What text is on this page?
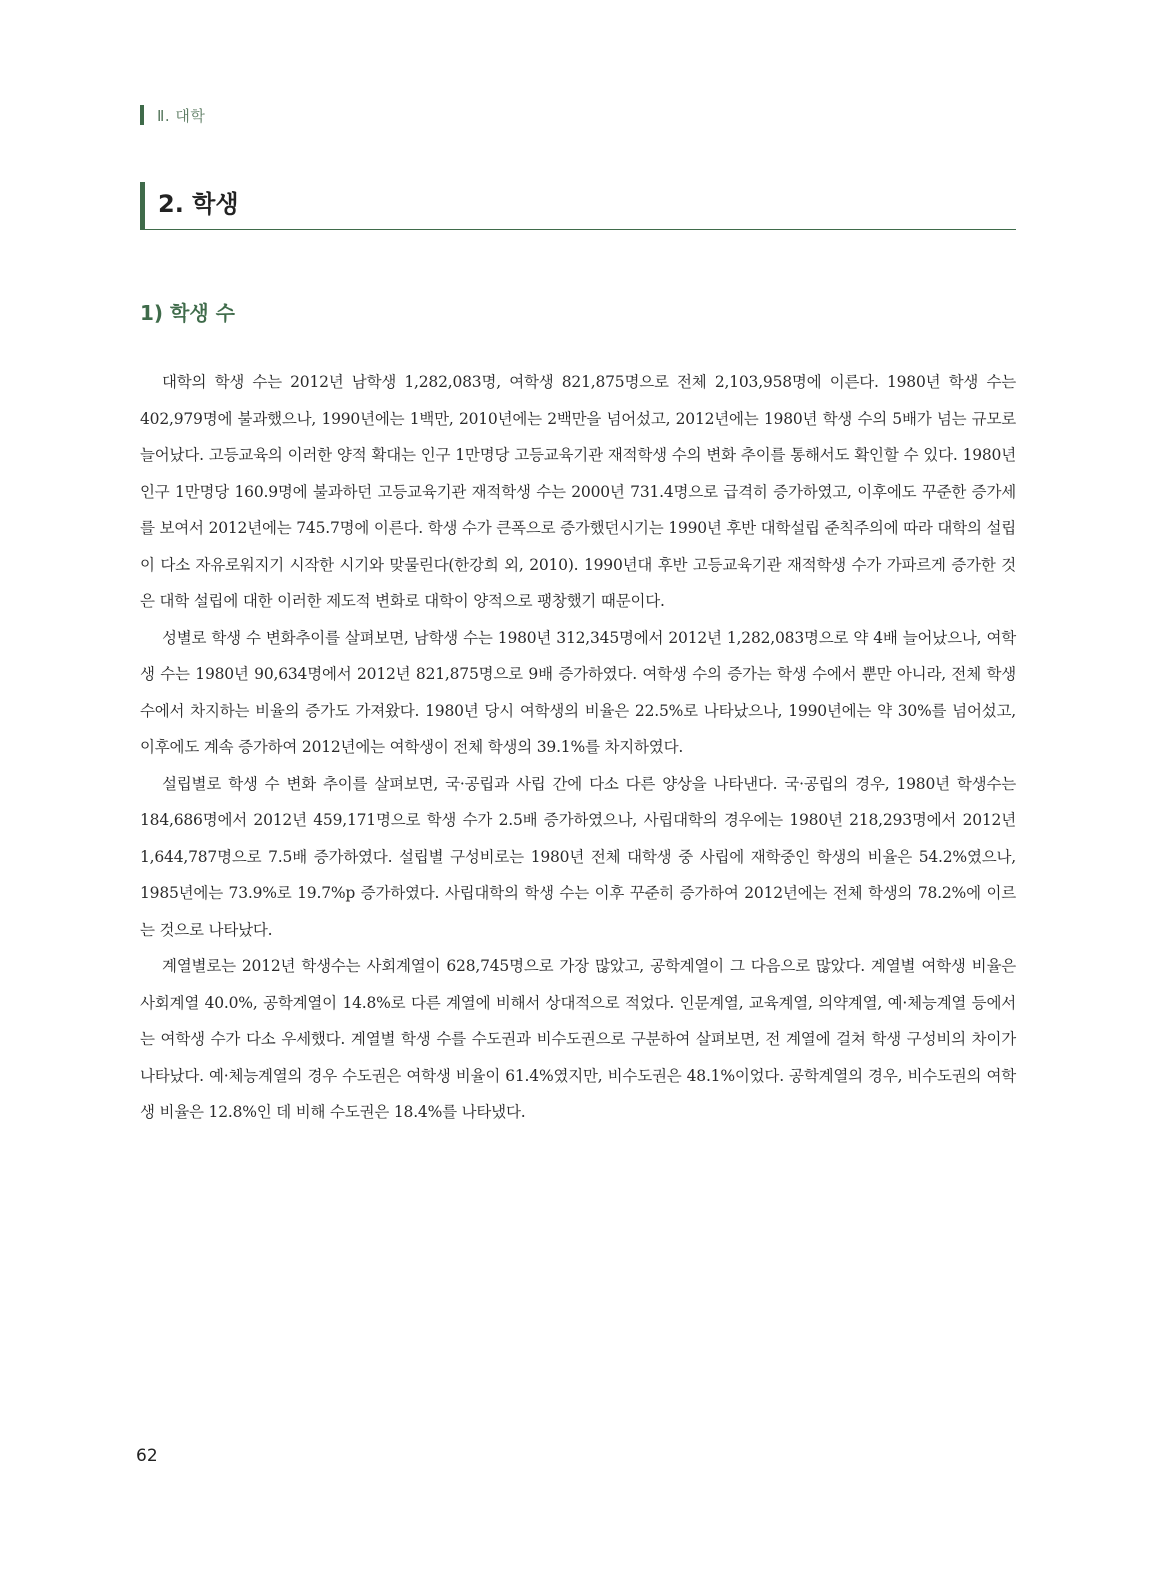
Ⅱ. 대학
2. 학생
1) 학생 수

대학의 학생 수는 2012년 남학생 1,282,083명, 여학생 821,875명으로 전체 2,103,958명에 이른다. 1980년 학생 수는 402,979명에 불과했으나, 1990년에는 1백만, 2010년에는 2백만을 넘어섰고, 2012년에는 1980년 학생 수의 5배가 넘는 규모로 늘어났다. 고등교육의 이러한 양적 확대는 인구 1만명당 고등교육기관 재적학생 수의 변화 추이를 통해서도 확인할 수 있다. 1980년 인구 1만명당 160.9명에 불과하던 고등교육기관 재적학생 수는 2000년 731.4명으로 급격히 증가하였고, 이후에도 꾸준한 증가세를 보여서 2012년에는 745.7명에 이른다. 학생 수가 큰폭으로 증가했던시기는 1990년 후반 대학설립 준칙주의에 따라 대학의 설립이 다소 자유로워지기 시작한 시기와 맞물린다(한강희 외, 2010). 1990년대 후반 고등교육기관 재적학생 수가 가파르게 증가한 것은 대학 설립에 대한 이러한 제도적 변화로 대학이 양적으로 팽창했기 때문이다.

성별로 학생 수 변화추이를 살펴보면, 남학생 수는 1980년 312,345명에서 2012년 1,282,083명으로 약 4배 늘어났으나, 여학생 수는 1980년 90,634명에서 2012년 821,875명으로 9배 증가하였다. 여학생 수의 증가는 학생 수에서 뿐만 아니라, 전체 학생 수에서 차지하는 비율의 증가도 가져왔다. 1980년 당시 여학생의 비율은 22.5%로 나타났으나, 1990년에는 약 30%를 넘어섰고, 이후에도 계속 증가하여 2012년에는 여학생이 전체 학생의 39.1%를 차지하였다.

설립별로 학생 수 변화 추이를 살펴보면, 국·공립과 사립 간에 다소 다른 양상을 나타낸다. 국·공립의 경우, 1980년 학생수는 184,686명에서 2012년 459,171명으로 학생 수가 2.5배 증가하였으나, 사립대학의 경우에는 1980년 218,293명에서 2012년 1,644,787명으로 7.5배 증가하였다. 설립별 구성비로는 1980년 전체 대학생 중 사립에 재학중인 학생의 비율은 54.2%였으나, 1985년에는 73.9%로 19.7%p 증가하였다. 사립대학의 학생 수는 이후 꾸준히 증가하여 2012년에는 전체 학생의 78.2%에 이르는 것으로 나타났다.

계열별로는 2012년 학생수는 사회계열이 628,745명으로 가장 많았고, 공학계열이 그 다음으로 많았다. 계열별 여학생 비율은 사회계열 40.0%, 공학계열이 14.8%로 다른 계열에 비해서 상대적으로 적었다. 인문계열, 교육계열, 의약계열, 예·체능계열 등에서는 여학생 수가 다소 우세했다. 계열별 학생 수를 수도권과 비수도권으로 구분하여 살펴보면, 전 계열에 걸쳐 학생 구성비의 차이가 나타났다. 예·체능계열의 경우 수도권은 여학생 비율이 61.4%였지만, 비수도권은 48.1%이었다. 공학계열의 경우, 비수도권의 여학생 비율은 12.8%인 데 비해 수도권은 18.4%를 나타냈다.

62
